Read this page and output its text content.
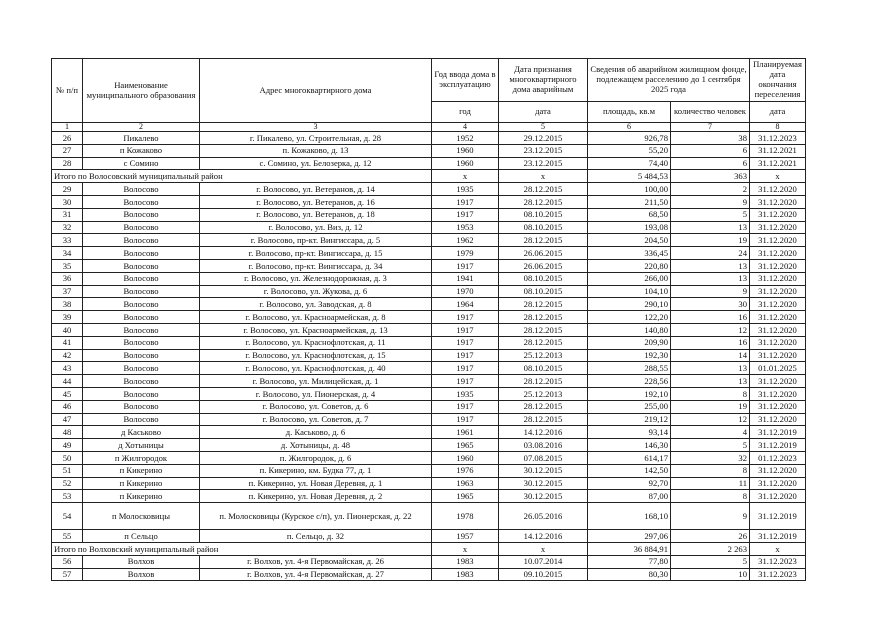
№ п/п	Наименование муниципального образования	Адрес многоквартирного дома	Год ввода дома в эксплуатацию	Дата признания многоквартирного дома аварийным	Сведения об аварийном жилищном фонде, подлежащем расселению до 1 сентября 2025 года		Планируемая дата окончания переселения
			год	дата	площадь, кв.м	количество человек	дата
1	2	3	4	5	6	7	8
26	Пикалево	г. Пикалево, ул. Строительная, д. 28	1952	29.12.2015	926,78	38	31.12.2023
27	п Кожаково	п. Кожаково, д. 13	1960	23.12.2015	55,20	6	31.12.2021
28	с Сомино	с. Сомино, ул. Белозерка, д. 12	1960	23.12.2015	74,40	6	31.12.2021
Итого по Волосовский муниципальный район			x	x	5 484,53	363	x
29	Волосово	г. Волосово, ул. Ветеранов, д. 14	1935	28.12.2015	100,00	2	31.12.2020
30	Волосово	г. Волосово, ул. Ветеранов, д. 16	1917	28.12.2015	211,50	9	31.12.2020
31	Волосово	г. Волосово, ул. Ветеранов, д. 18	1917	08.10.2015	68,50	5	31.12.2020
32	Волосово	г. Волосово, ул. Виз, д. 12	1953	08.10.2015	193,08	13	31.12.2020
33	Волосово	г. Волосово, пр-кт. Вингиссара, д. 5	1962	28.12.2015	204,50	19	31.12.2020
34	Волосово	г. Волосово, пр-кт. Вингиссара, д. 15	1979	26.06.2015	336,45	24	31.12.2020
35	Волосово	г. Волосово, пр-кт. Вингиссара, д. 34	1917	26.06.2015	220,80	13	31.12.2020
36	Волосово	г. Волосово, ул. Железнодорожная, д. 3	1941	08.10.2015	266,00	13	31.12.2020
37	Волосово	г. Волосово, ул. Жукова, д. 6	1970	08.10.2015	104,10	9	31.12.2020
38	Волосово	г. Волосово, ул. Заводская, д. 8	1964	28.12.2015	290,10	30	31.12.2020
39	Волосово	г. Волосово, ул. Красноармейская, д. 8	1917	28.12.2015	122,20	16	31.12.2020
40	Волосово	г. Волосово, ул. Красноармейская, д. 13	1917	28.12.2015	140,80	12	31.12.2020
41	Волосово	г. Волосово, ул. Краснофлотская, д. 11	1917	28.12.2015	209,90	16	31.12.2020
42	Волосово	г. Волосово, ул. Краснофлотская, д. 15	1917	25.12.2013	192,30	14	31.12.2020
43	Волосово	г. Волосово, ул. Краснофлотская, д. 40	1917	08.10.2015	288,55	13	01.01.2025
44	Волосово	г. Волосово, ул. Милицейская, д. 1	1917	28.12.2015	228,56	13	31.12.2020
45	Волосово	г. Волосово, ул. Пионерская, д. 4	1935	25.12.2013	192,10	8	31.12.2020
46	Волосово	г. Волосово, ул. Советов, д. 6	1917	28.12.2015	255,00	19	31.12.2020
47	Волосово	г. Волосово, ул. Советов, д. 7	1917	28.12.2015	219,12	12	31.12.2020
48	д Каськово	д. Каськово, д. 6	1961	14.12.2016	93,14	4	31.12.2019
49	д Хотыницы	д. Хотыницы, д. 48	1965	03.08.2016	146,30	5	31.12.2019
50	п Жилгородок	п. Жилгородок, д. 6	1960	07.08.2015	614,17	32	01.12.2023
51	п Кикерино	п. Кикерино, км. Будка 77, д. 1	1976	30.12.2015	142,50	8	31.12.2020
52	п Кикерино	п. Кикерино, ул. Новая Деревня, д. 1	1963	30.12.2015	92,70	11	31.12.2020
53	п Кикерино	п. Кикерино, ул. Новая Деревня, д. 2	1965	30.12.2015	87,00	8	31.12.2020
54	п Молосковицы	п. Молосковицы (Курское с/п), ул. Пионерская, д. 22	1978	26.05.2016	168,10	9	31.12.2019
55	п Сельцо	п. Сельцо, д. 32	1957	14.12.2016	297,06	26	31.12.2019
Итого по Волховский муниципальный район			x	x	36 884,91	2 263	x
56	Волхов	г. Волхов, ул. 4-я Первомайская, д. 26	1983	10.07.2014	77,80	5	31.12.2023
57	Волхов	г. Волхов, ул. 4-я Первомайская, д. 27	1983	09.10.2015	80,30	10	31.12.2023
